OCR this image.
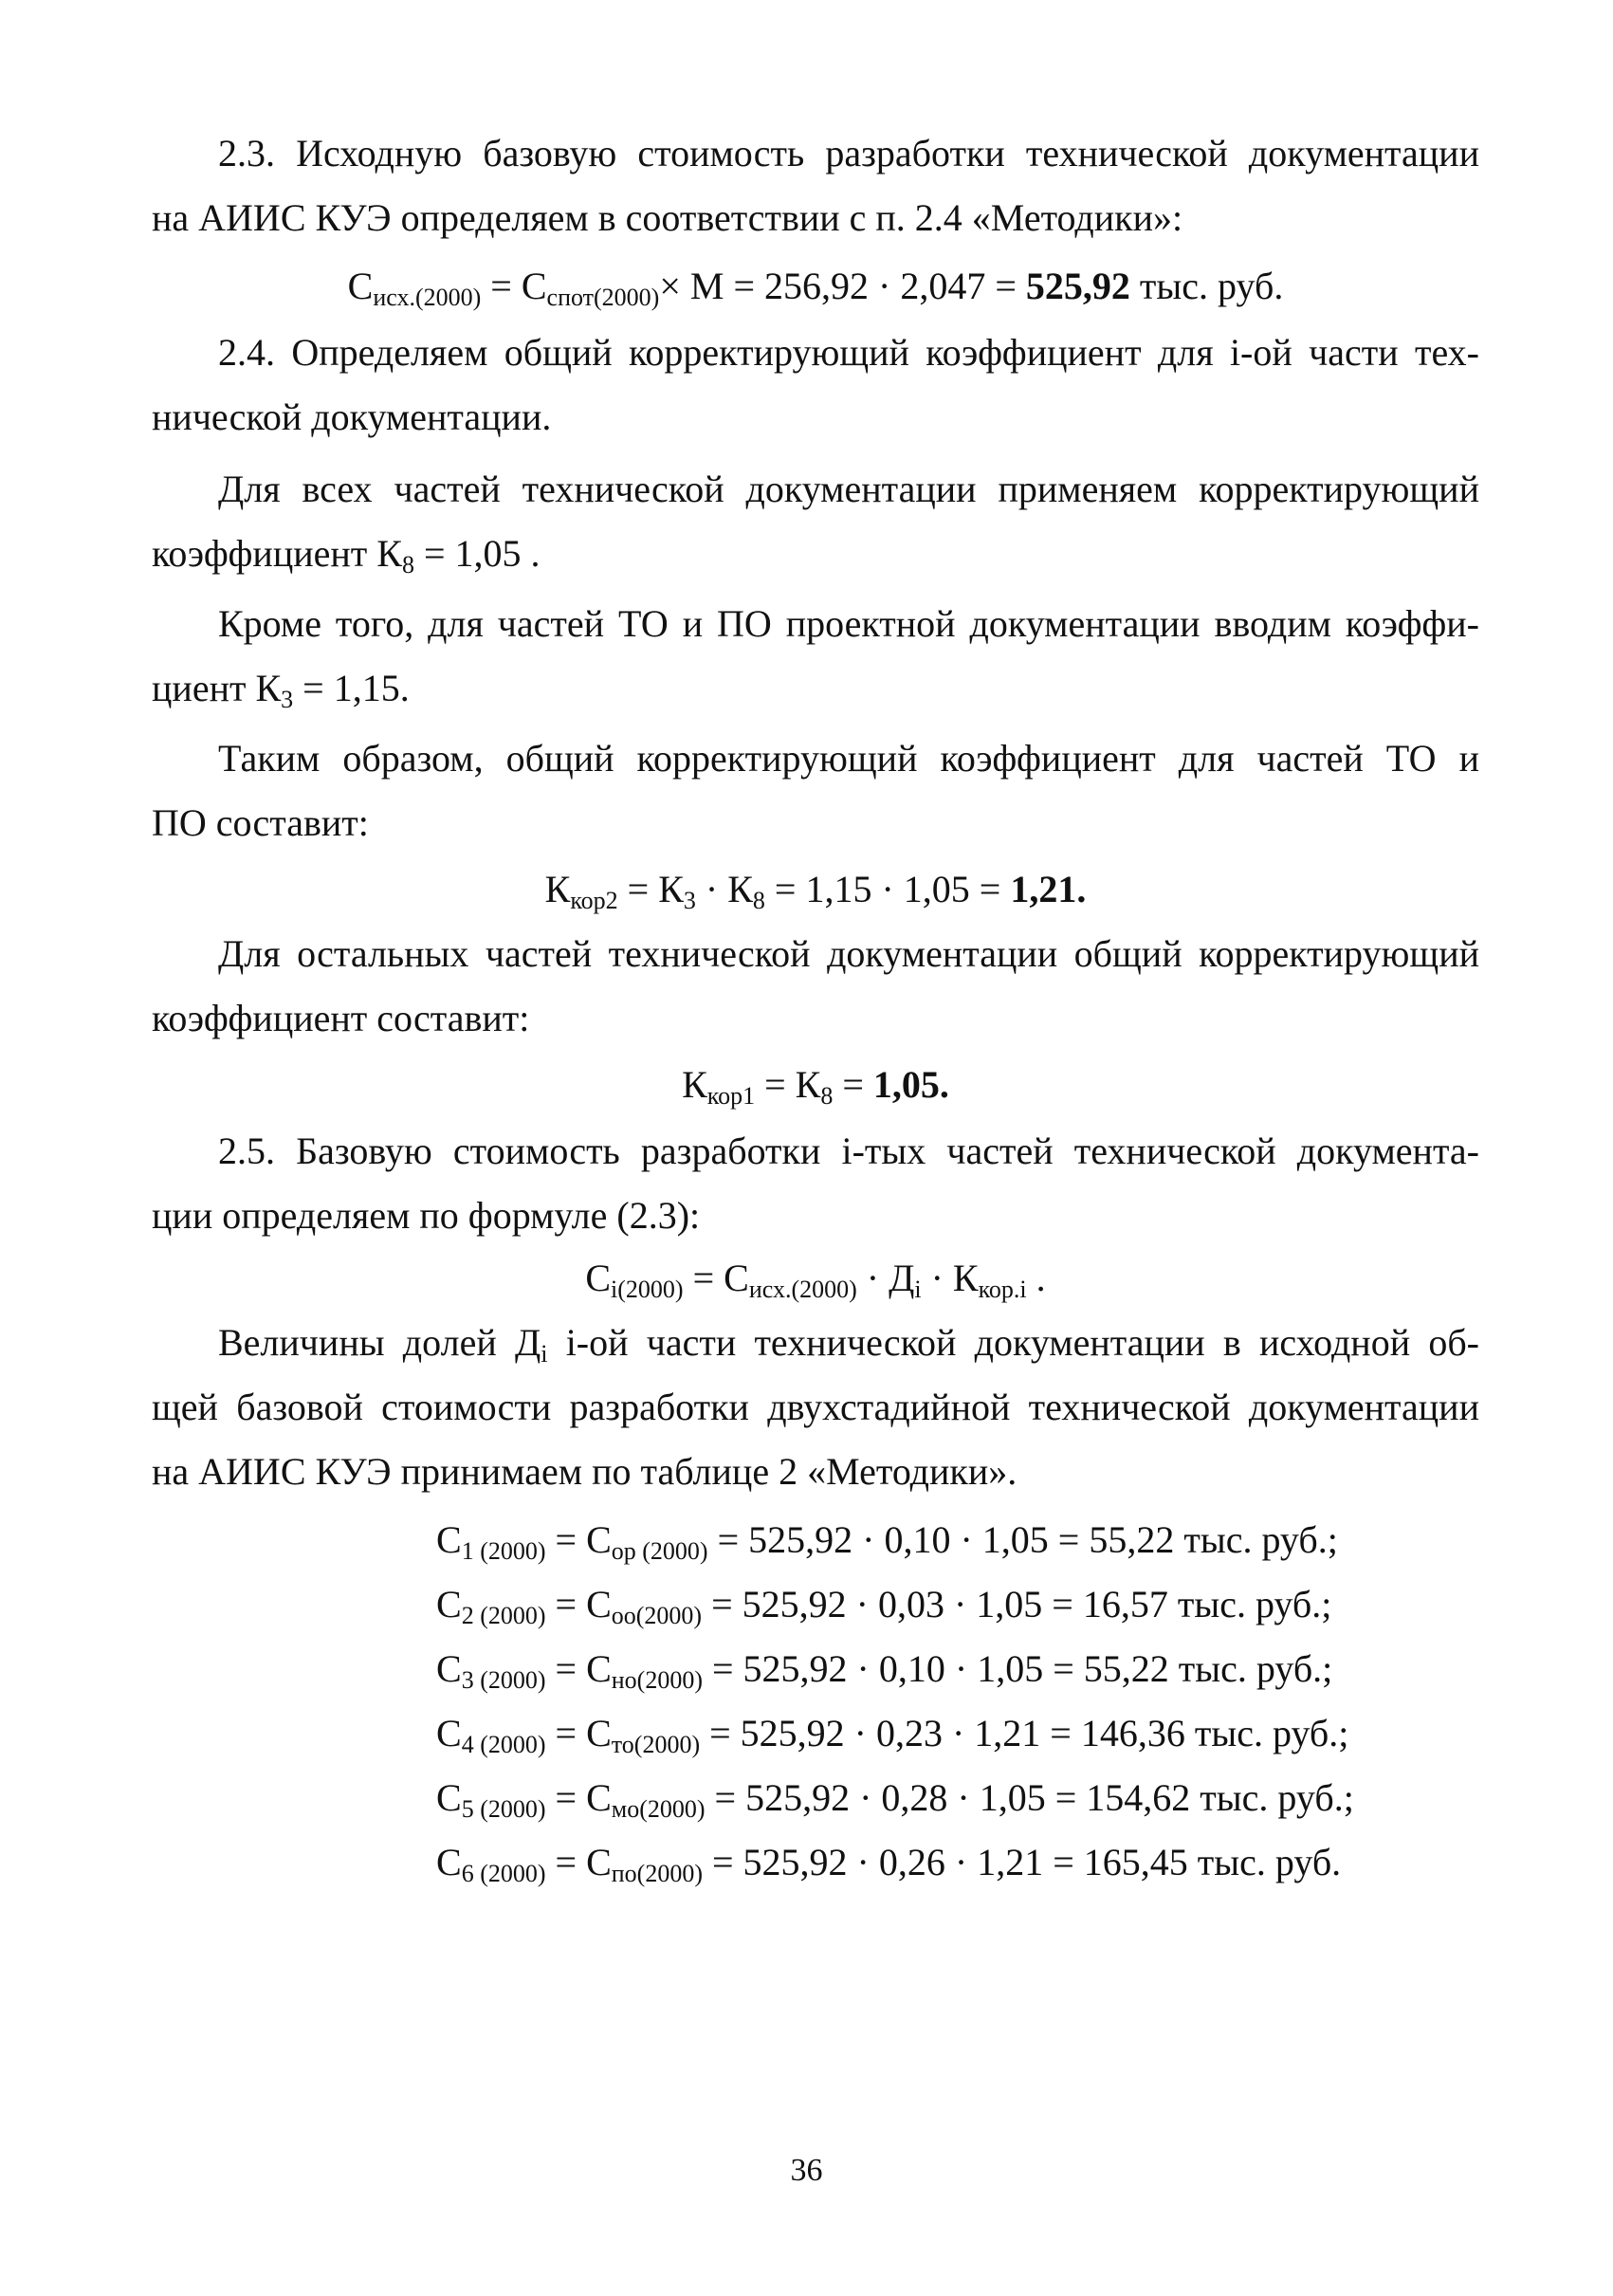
2.3. Исходную базовую стоимость разработки технической документации
на АИИС КУЭ определяем в соответствии с п. 2.4 «Методики»:
$С_{исх.(2000)} = С_{спот(2000)}\times М = 256,92 \cdot 2,047 = 525,92$ тыс. руб.
2.4. Определяем общий корректирующий коэффициент для i-ой части тех-
нической документации.
Для всех частей технической документации применяем корректирующий
коэффициент $К_8 = 1,05$ .
Кроме того, для частей ТО и ПО проектной документации вводим коэффи-
циент $К_3 = 1,15$.
Таким образом, общий корректирующий коэффициент для частей ТО и
ПО составит:
$К_{кор2} = К_3 \cdot К_8 = 1,15 \cdot 1,05 = 1,21$.
Для остальных частей технической документации общий корректирующий
коэффициент составит:
$К_{кор1} = К_8 = 1,05$.
2.5. Базовую стоимость разработки i-тых частей технической документа-
ции определяем по формуле (2.3):
$С_{i(2000)} = С_{исх.(2000)} \cdot Д_i \cdot К_{кор.i}$ .
Величины долей $Д_i$ i-ой части технической документации в исходной об-
щей базовой стоимости разработки двухстадийной технической документации
на АИИС КУЭ принимаем по таблице 2 «Методики».
$С_{1 (2000)} = С_{ор (2000)} = 525,92 \cdot 0,10 \cdot 1,05 = 55,22$ тыс. руб.;
$С_{2 (2000)} = С_{оо(2000)} = 525,92 \cdot 0,03 \cdot 1,05 = 16,57$ тыс. руб.;
$С_{3 (2000)} = С_{но(2000)} = 525,92 \cdot 0,10 \cdot 1,05 = 55,22$ тыс. руб.;
$С_{4 (2000)} = С_{то(2000)} = 525,92 \cdot 0,23 \cdot 1,21 = 146,36$ тыс. руб.;
$С_{5 (2000)} = С_{мо(2000)} = 525,92 \cdot 0,28 \cdot 1,05 = 154,62$ тыс. руб.;
$С_{6 (2000)} = С_{по(2000)} = 525,92 \cdot 0,26 \cdot 1,21 = 165,45$ тыс. руб.
36
